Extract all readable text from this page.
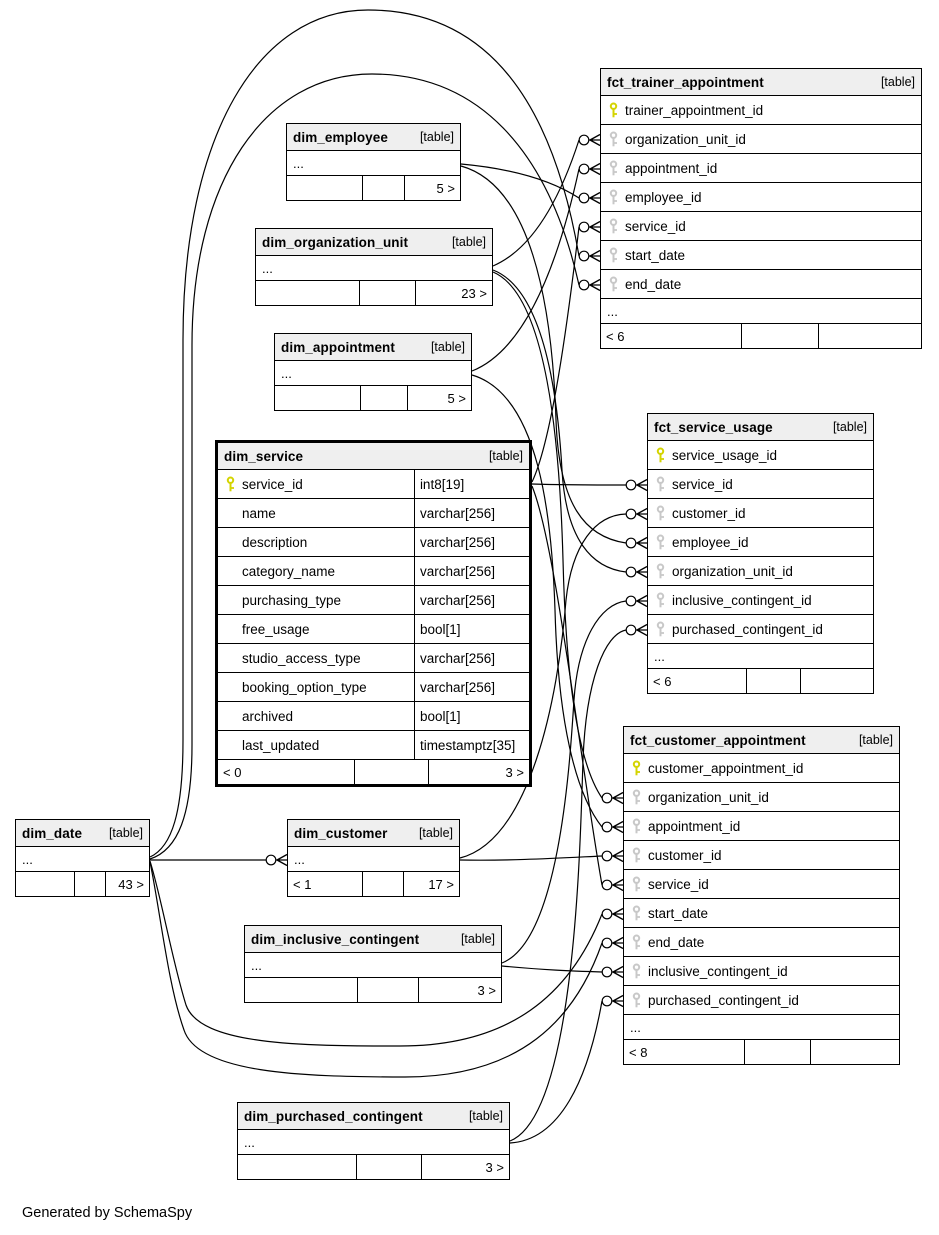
fct_trainer_appointment	[table]
trainer_appointment_id
organization_unit_id
appointment_id
employee_id
service_id
start_date
end_date
...
< 6
dim_employee	[table]
...
5 >
dim_organization_unit	[table]
...
23 >
dim_appointment	[table]
...
5 >
dim_service	[table]
service_id	int8[19]
name	varchar[256]
description	varchar[256]
category_name	varchar[256]
purchasing_type	varchar[256]
free_usage	bool[1]
studio_access_type	varchar[256]
booking_option_type	varchar[256]
archived	bool[1]
last_updated	timestamptz[35]
< 0	3 >
fct_service_usage	[table]
service_usage_id
service_id
customer_id
employee_id
organization_unit_id
inclusive_contingent_id
purchased_contingent_id
...
< 6
fct_customer_appointment	[table]
customer_appointment_id
organization_unit_id
appointment_id
customer_id
service_id
start_date
end_date
inclusive_contingent_id
purchased_contingent_id
...
< 8
dim_date [table]
...
43 >
dim_customer	[table]
...
< 1	17 >
dim_inclusive_contingent	[table]
...
3 >
dim_purchased_contingent	[table]
...
3 >
Generated by SchemaSpy
